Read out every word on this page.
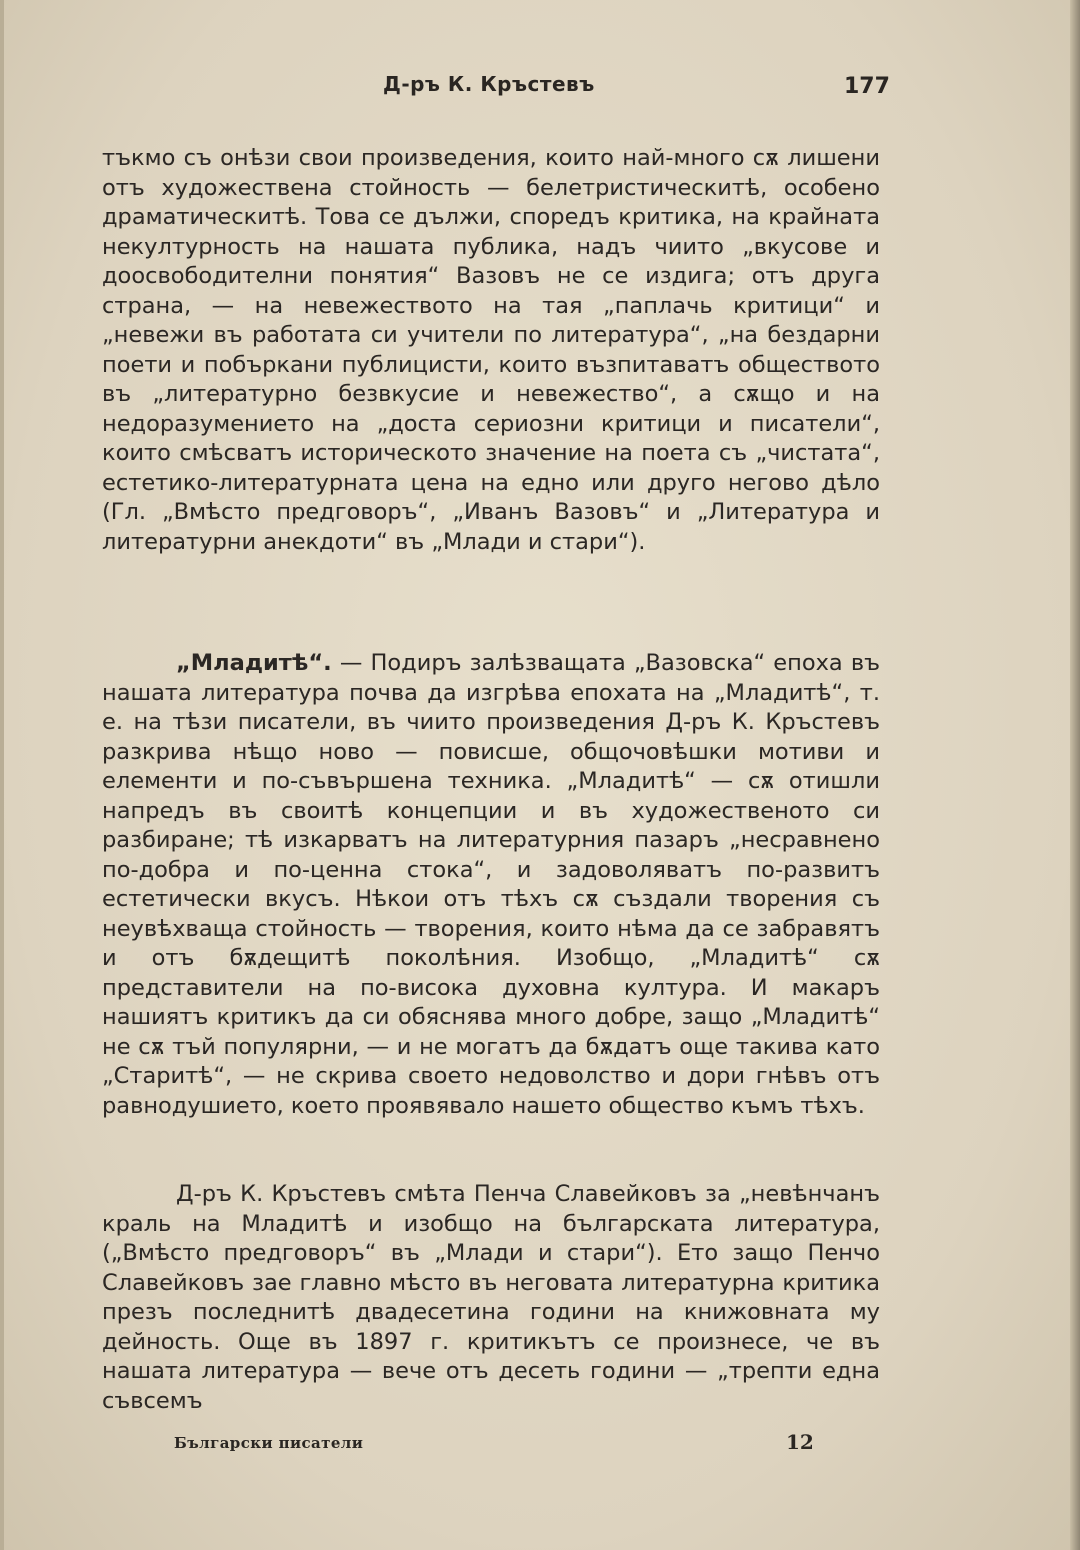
Д-ръ К. Кръстевъ	177
тъкмо съ онѣзи свои произведения, които най-много сѫ лишени отъ художествена стойность — белетристическитѣ, особено драматическитѣ. Това се дължи, споредъ критика, на крайната некултурность на нашата публика, надъ чиито „вкусове и доосвободителни понятия“ Вазовъ не се издига; отъ друга страна, — на невежеството на тая „паплачь критици“ и „невежи въ работата си учители по литература“, „на бездарни поети и побъркани публицисти, които възпитаватъ обществото въ „литературно безвкусие и невежество“, а сѫщо и на недоразумението на „доста сериозни критици и писатели“, които смѣсватъ историческото значение на поета съ „чистата“, естетико-литературната цена на едно или друго негово дѣло (Гл. „Вмѣсто предговоръ“, „Иванъ Вазовъ“ и „Литература и литературни анекдоти“ въ „Млади и стари“).
„Младитѣ“. — Подиръ залѣзващата „Вазовска“ епоха въ нашата литература почва да изгрѣва епохата на „Младитѣ“, т. е. на тѣзи писатели, въ чиито произведения Д-ръ К. Кръстевъ разкрива нѣщо ново — повисше, общочовѣшки мотиви и елементи и по-съвършена техника. „Младитѣ“ — сѫ отишли напредъ въ своитѣ концепции и въ художественото си разбиране; тѣ изкарватъ на литературния пазаръ „несравнено по-добра и по-ценна стока“, и задоволяватъ по-развитъ естетически вкусъ. Нѣкои отъ тѣхъ сѫ създали творения съ неувѣхваща стойность — творения, които нѣма да се забравятъ и отъ бѫдещитѣ поколѣния. Изобщо, „Младитѣ“ сѫ представители на по-висока духовна култура. И макаръ нашиятъ критикъ да си обяснява много добре, защо „Младитѣ“ не сѫ тъй популярни, — и не могатъ да бѫдатъ още такива като „Старитѣ“, — не скрива своето недоволство и дори гнѣвъ отъ равнодушието, което проявявало нашето общество къмъ тѣхъ.
Д-ръ К. Кръстевъ смѣта Пенча Славейковъ за „невѣнчанъ краль на Младитѣ и изобщо на българската литература, („Вмѣсто предговоръ“ въ „Млади и стари“). Ето защо Пенчо Славейковъ зае главно мѣсто въ неговата литературна критика презъ последнитѣ двадесетина години на книжовната му дейность. Още въ 1897 г. критикътъ се произнесе, че въ нашата литература — вече отъ десеть години — „трепти една съвсемъ
Български писатели	12
